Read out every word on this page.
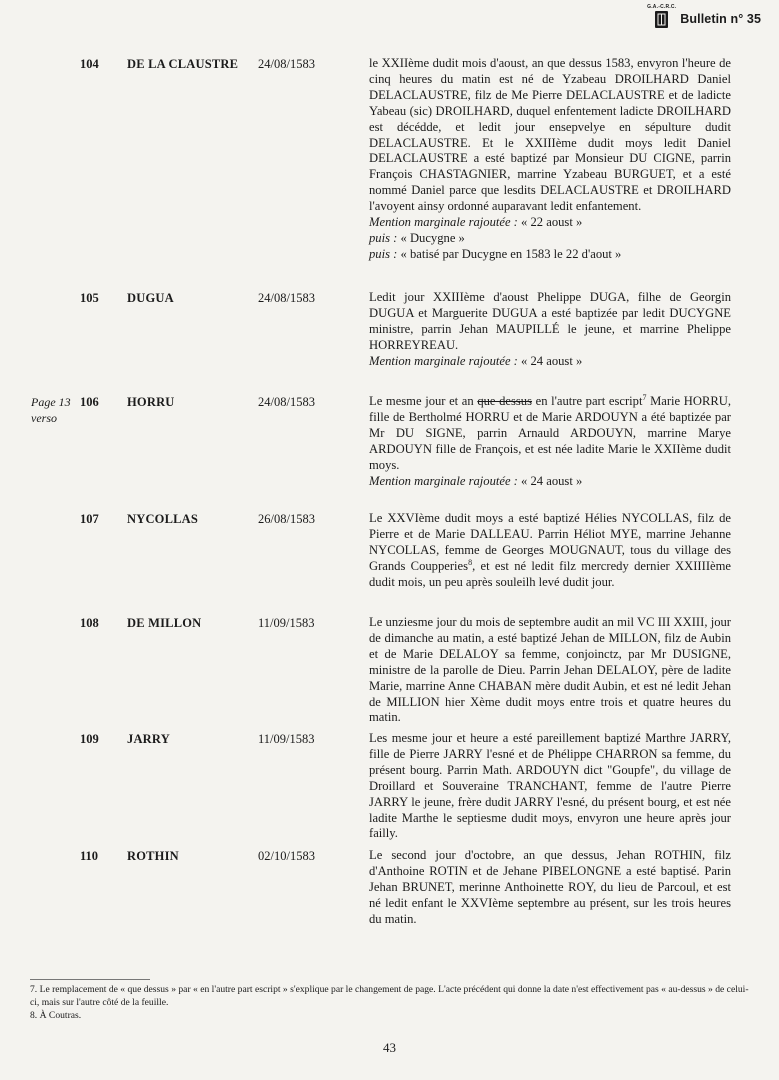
G.A.-C.R.C.
Bulletin n° 35
104 DE LA CLAUSTRE 24/08/1583	le XXIIème dudit mois d'aoust, an que dessus 1583, envyron l'heure de cinq heures du matin est né de Yzabeau DROILHARD Daniel DELACLAUSTRE, filz de Me Pierre DELACLAUSTRE et de ladicte Yabeau (sic) DROILHARD, duquel enfentement ladicte DROILHARD est décédde, et ledit jour ensepvelye en sépulture dudit DELACLAUSTRE. Et le XXIIIème dudit moys ledit Daniel DELACLAUSTRE a esté baptizé par Monsieur DU CIGNE, parrin François CHASTAGNIER, marrine Yzabeau BURGUET, et a esté nommé Daniel parce que lesdits DELACLAUSTRE et DROILHARD l'avoyent ainsy ordonné auparavant ledit enfantement.

Mention marginale rajoutée : « 22 aoust »
puis : « Ducygne »
puis : « batisé par Ducygne en 1583 le 22 d'aout »

105 DUGUA	24/08/1583	Ledit jour XXIIIème d'aoust Phelippe DUGA, filhe de Georgin DUGUA et Marguerite DUGUA a esté baptizée par ledit DUCYGNE ministre, parrin Jehan MAUPILLÉ le jeune, et marrine Phelippe HORREYREAU.

Mention marginale rajoutée : « 24 aoust »

Page 13 verso
106 HORRU	24/08/1583	Le mesme jour et an que dessus en l'autre part escript$^7$ Marie HORRU, fille de Bertholmé HORRU et de Marie ARDOUYN a été baptizée par Mr DU SIGNE, parrin Arnauld ARDOUYN, marrine Marye ARDOUYN fille de François, et est née ladite Marie le XXIIème dudit moys.

Mention marginale rajoutée : « 24 aoust »

107 NYCOLLAS	26/08/1583	Le XXVIème dudit moys a esté baptizé Hélies NYCOLLAS, filz de Pierre et de Marie DALLEAU. Parrin Héliot MYE, marrine Jehanne NYCOLLAS, femme de Georges MOUGNAUT, tous du village des Grands Coupperies$^8$, et est né ledit filz mercredy dernier XXIIIIème dudit mois, un peu après souleilh levé dudit jour.

108 DE MILLON	11/09/1583	Le unziesme jour du mois de septembre audit an mil VC III XXIII, jour de dimanche au matin, a esté baptizé Jehan de MILLON, filz de Aubin et de Marie DELALOY sa femme, conjoinctz, par Mr DUSIGNE, ministre de la parolle de Dieu. Parrin Jehan DELALOY, père de ladite Marie, marrine Anne CHABAN mère dudit Aubin, et est né ledit Jehan de MILLION hier Xème dudit moys entre trois et quatre heures du matin.

109 JARRY	11/09/1583	Les mesme jour et heure a esté pareillement baptizé Marthre JARRY, fille de Pierre JARRY l'esné et de Phélippe CHARRON sa femme, du présent bourg. Parrin Math. ARDOUYN dict "Goupfe", du village de Droillard et Souveraine TRANCHANT, femme de l'autre Pierre JARRY le jeune, frère dudit JARRY l'esné, du présent bourg, et est née ladite Marthe le septiesme dudit moys, envyron une heure après jour failly.

110 ROTHIN	02/10/1583	Le second jour d'octobre, an que dessus, Jehan ROTHIN, filz d'Anthoine ROTIN et de Jehane PIBELONGNE a esté baptisé. Parin Jehan BRUNET, merinne Anthoinette ROY, du lieu de Parcoul, et est né ledit enfant le XXVIème septembre au présent, sur les trois heures du matin.

7. Le remplacement de « que dessus » par « en l'autre part escript » s'explique par le changement de page. L'acte précédent qui donne la date n'est effectivement pas « au-dessus » de celui-ci, mais sur l'autre côté de la feuille.

8. À Coutras.

43
